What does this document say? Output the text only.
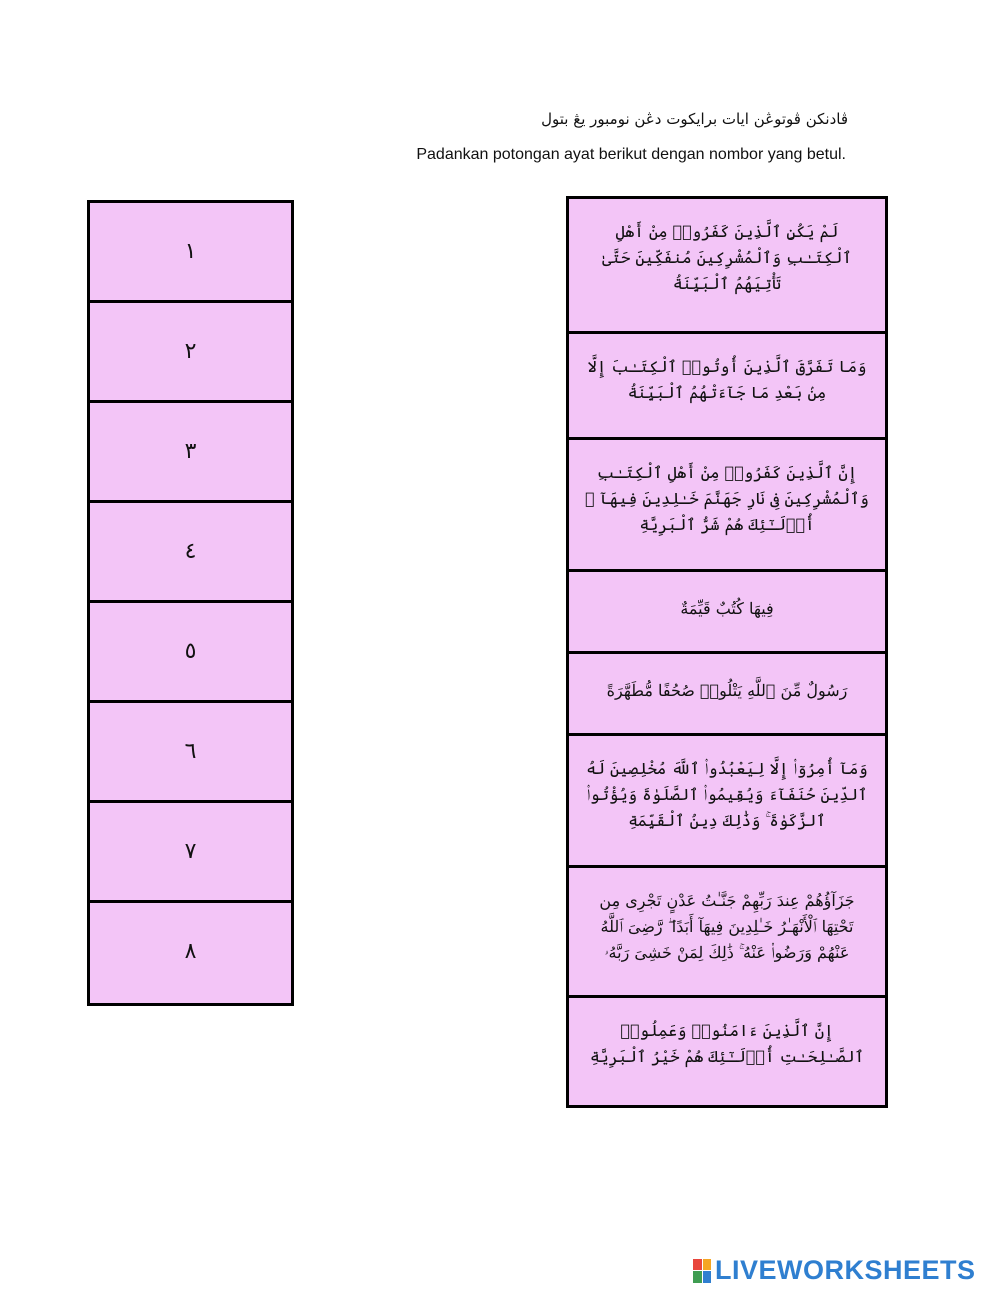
ڤادنكن ڤوتوڠن ايات برايكوت دڠن نومبور يڠ بتول
Padankan potongan ayat berikut dengan nombor yang betul.
١
٢
٣
٤
٥
٦
٧
٨
لَمْ يَكُنِ ٱلَّذِينَ كَفَرُوا۟ مِنْ أَهْلِ ٱلْكِتَـٰبِ وَٱلْمُشْرِكِينَ مُنفَكِّينَ حَتَّىٰ تَأْتِيَهُمُ ٱلْبَيِّنَةُ
وَمَا تَفَرَّقَ ٱلَّذِينَ أُوتُوا۟ ٱلْكِتَـٰبَ إِلَّا مِنۢ بَعْدِ مَا جَآءَتْهُمُ ٱلْبَيِّنَةُ
إِنَّ ٱلَّذِينَ كَفَرُوا۟ مِنْ أَهْلِ ٱلْكِتَـٰبِ وَٱلْمُشْرِكِينَ فِى نَارِ جَهَنَّمَ خَـٰلِدِينَ فِيهَآ ۚ أُو۟لَـٰٓئِكَ هُمْ شَرُّ ٱلْبَرِيَّةِ
فِيهَا كُتُبٌ قَيِّمَةٌ
رَسُولٌ مِّنَ ٱللَّهِ يَتْلُوا۟ صُحُفًا مُّطَهَّرَةً
وَمَآ أُمِرُوٓا۟ إِلَّا لِيَعْبُدُوا۟ ٱللَّهَ مُخْلِصِينَ لَهُ ٱلدِّينَ حُنَفَآءَ وَيُقِيمُوا۟ ٱلصَّلَوٰةَ وَيُؤْتُوا۟ ٱلزَّكَوٰةَ ۚ وَذَٰلِكَ دِينُ ٱلْقَيِّمَةِ
جَزَآؤُهُمْ عِندَ رَبِّهِمْ جَنَّـٰتُ عَدْنٍ تَجْرِى مِن تَحْتِهَا ٱلْأَنْهَـٰرُ خَـٰلِدِينَ فِيهَآ أَبَدًا ۖ رَّضِىَ ٱللَّهُ عَنْهُمْ وَرَضُوا۟ عَنْهُ ۚ ذَٰلِكَ لِمَنْ خَشِىَ رَبَّهُۥ
إِنَّ ٱلَّذِينَ ءَامَنُوا۟ وَعَمِلُوا۟ ٱلصَّـٰلِحَـٰتِ أُو۟لَـٰٓئِكَ هُمْ خَيْرُ ٱلْبَرِيَّةِ
LIVEWORKSHEETS
